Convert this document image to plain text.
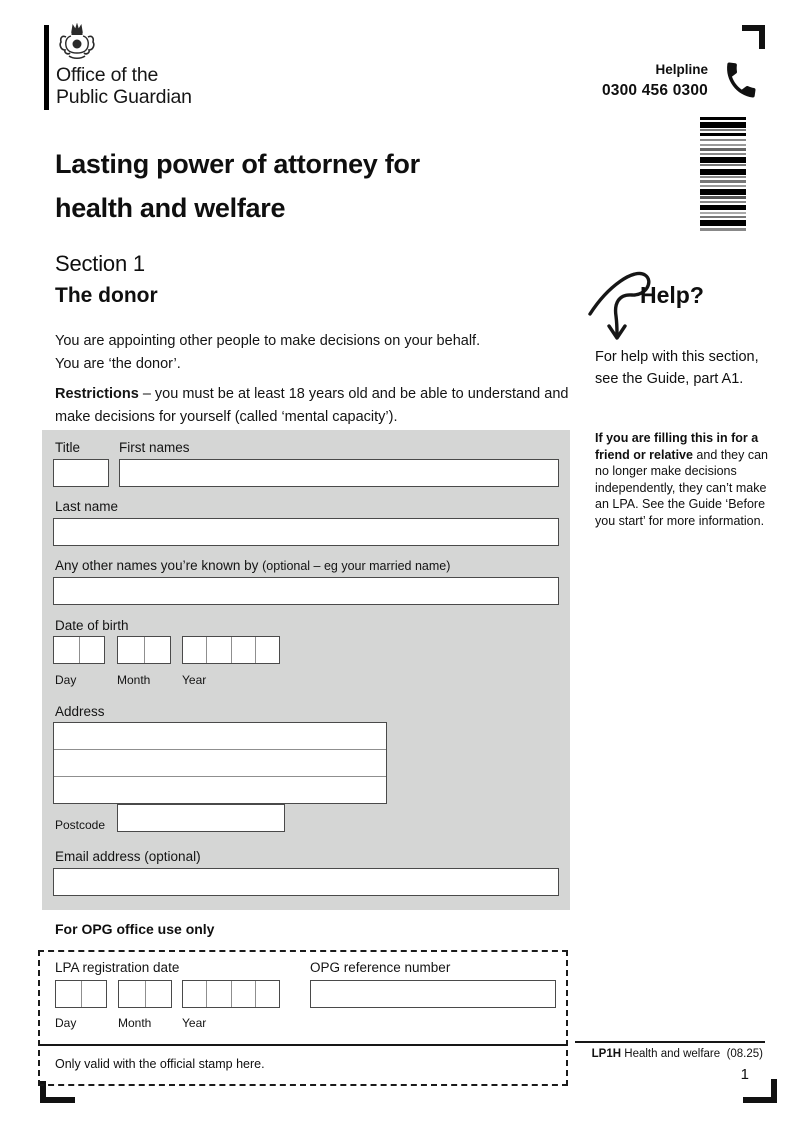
Office of the
Public Guardian
Helpline
0300 456 0300
Lasting power of attorney for
health and welfare
Section 1
The donor
You are appointing other people to make decisions on your behalf.
You are ‘the donor’.
Restrictions – you must be at least 18 years old and be able to understand and make decisions for yourself (called ‘mental capacity’).
Help?
For help with this section, see the Guide, part A1.
If you are filling this in for a friend or relative and they can no longer make decisions independently, they can’t make an LPA. See the Guide ‘Before you start’ for more information.
Title	First names
Last name
Any other names you’re known by (optional – eg your married name)
Date of birth
Day	Month	Year
Address
Postcode
Email address (optional)
For OPG office use only
LPA registration date	OPG reference number
Day	Month	Year
Only valid with the official stamp here.
LP1H Health and welfare (08.25)
1
